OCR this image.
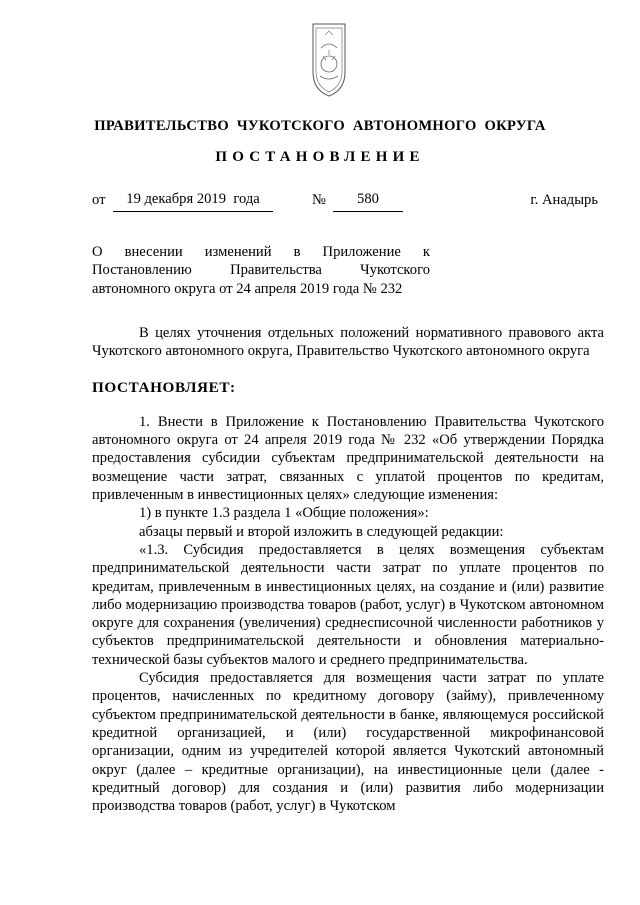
ПРАВИТЕЛЬСТВО  ЧУКОТСКОГО  АВТОНОМНОГО  ОКРУГА
ПОСТАНОВЛЕНИЕ
от	19 декабря 2019  года	№	580	г. Анадырь
О   внесении   изменений   в   Приложение   к
Постановлению      Правительства      Чукотского
автономного округа от 24 апреля 2019 года № 232

В целях уточнения отдельных положений нормативного правового акта Чукотского автономного округа, Правительство Чукотского автономного округа

ПОСТАНОВЛЯЕТ:

1. Внести в Приложение к Постановлению Правительства Чукотского автономного округа от 24 апреля 2019 года № 232 «Об утверждении Порядка предоставления субсидии субъектам предпринимательской деятельности на возмещение части затрат, связанных с уплатой процентов по кредитам, привлеченным в инвестиционных целях» следующие изменения:

1) в пункте 1.3 раздела 1 «Общие положения»:

абзацы первый и второй изложить в следующей редакции:

«1.3. Субсидия предоставляется в целях возмещения субъектам предпринимательской деятельности части затрат по уплате процентов по кредитам, привлеченным в инвестиционных целях, на создание и (или) развитие либо модернизацию производства товаров (работ, услуг) в Чукотском автономном округе для сохранения (увеличения) среднесписочной численности работников у субъектов предпринимательской деятельности и обновления материально-технической базы субъектов малого и среднего предпринимательства.

Субсидия предоставляется для возмещения части затрат по уплате процентов, начисленных по кредитному договору (займу), привлеченному субъектом предпринимательской деятельности в банке, являющемуся российской кредитной организацией, и (или) государственной микрофинансовой организации, одним из учредителей которой является Чукотский автономный округ (далее – кредитные организации), на инвестиционные цели (далее - кредитный договор) для создания и (или) развития либо модернизации производства товаров (работ, услуг) в Чукотском
